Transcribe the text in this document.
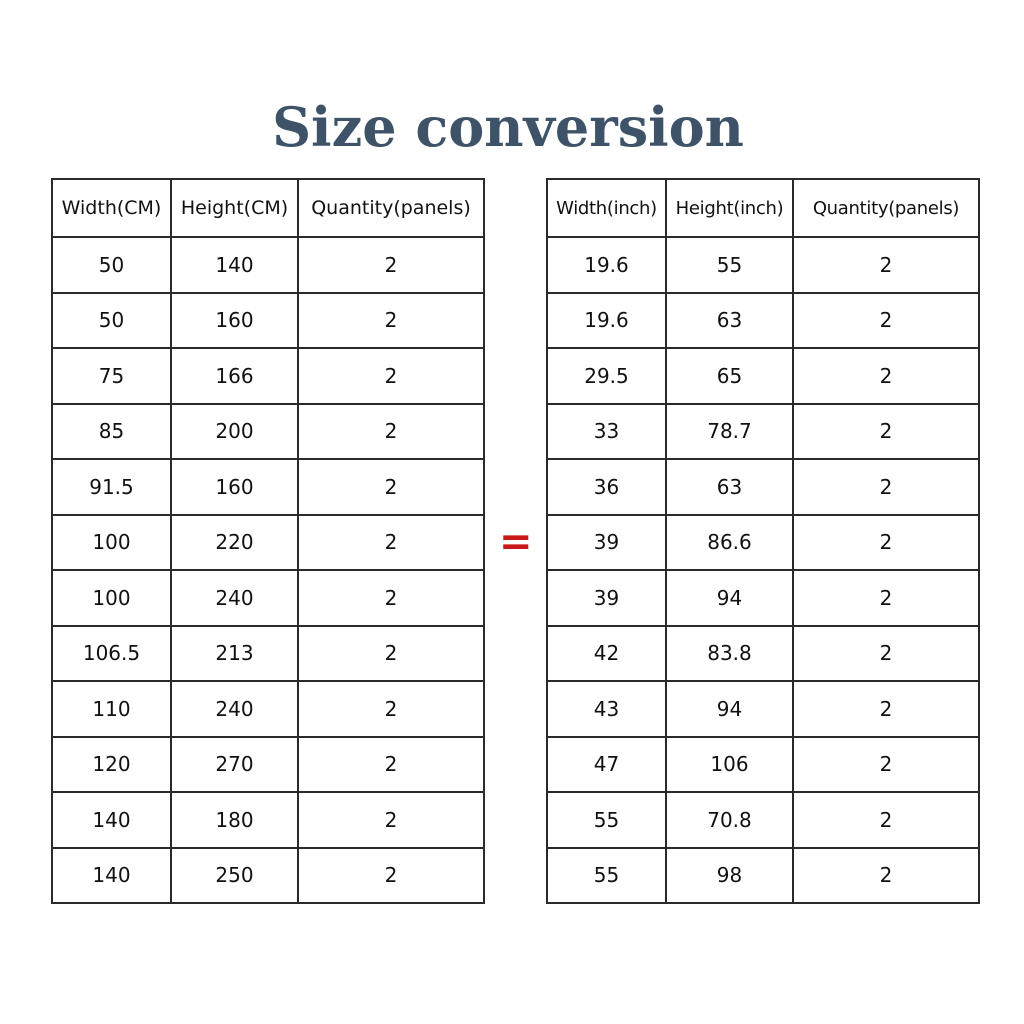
Size conversion
Width(CM)	Height(CM)	Quantity(panels)
50	140	2
50	160	2
75	166	2
85	200	2
91.5	160	2
100	220	2
100	240	2
106.5	213	2
110	240	2
120	270	2
140	180	2
140	250	2
=
Width(inch)	Height(inch)	Quantity(panels)
19.6	55	2
19.6	63	2
29.5	65	2
33	78.7	2
36	63	2
39	86.6	2
39	94	2
42	83.8	2
43	94	2
47	106	2
55	70.8	2
55	98	2
